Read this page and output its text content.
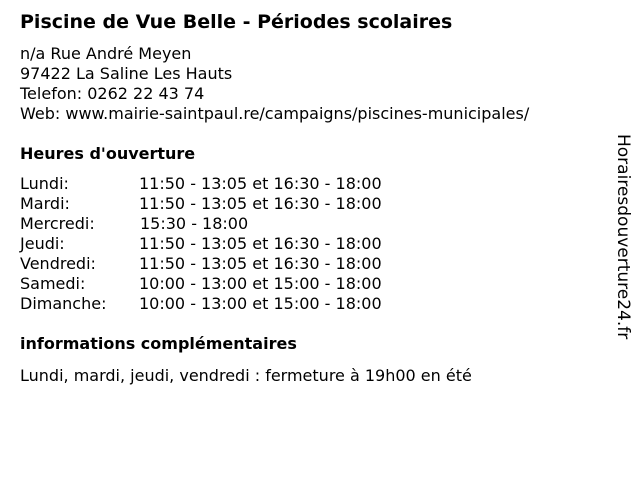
Piscine de Vue Belle - Périodes scolaires
n/a Rue André Meyen
97422 La Saline Les Hauts
Telefon: 0262 22 43 74
Web: www.mairie-saintpaul.re/campaigns/piscines-municipales/
Heures d'ouverture
Lundi:	11:50 - 13:05 et 16:30 - 18:00
Mardi:	11:50 - 13:05 et 16:30 - 18:00
Mercredi:	15:30 - 18:00
Jeudi:	11:50 - 13:05 et 16:30 - 18:00
Vendredi:	11:50 - 13:05 et 16:30 - 18:00
Samedi:	10:00 - 13:00 et 15:00 - 18:00
Dimanche: 10:00 - 13:00 et 15:00 - 18:00
informations complémentaires
Lundi, mardi, jeudi, vendredi : fermeture à 19h00 en été
Horairesdouverture24.fr
